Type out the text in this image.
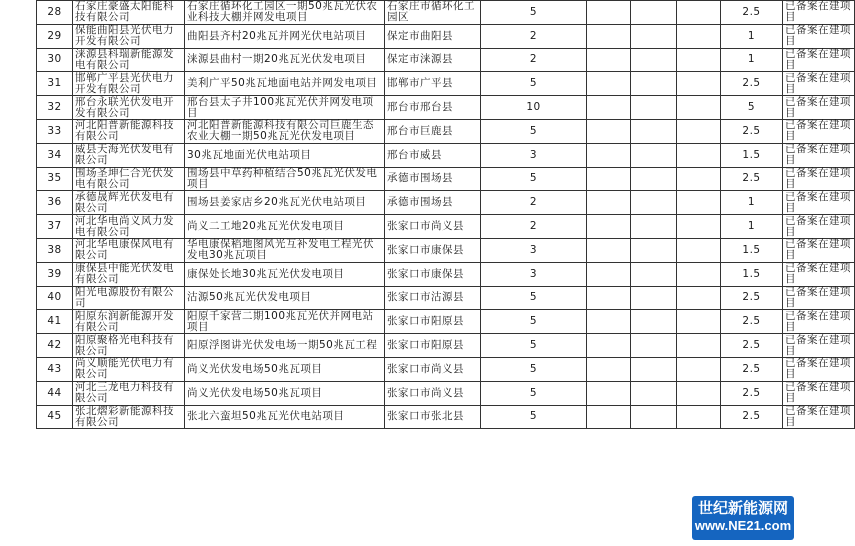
28	石家庄豪盛太阳能科技有限公司	石家庄循环化工园区一期50兆瓦光伏农业科技大棚并网发电项目	石家庄市循环化工园区	5				2.5	已备案在建项目
29	保能曲阳县光伏电力开发有限公司	曲阳县齐村20兆瓦并网光伏电站项目	保定市曲阳县	2				1	已备案在建项目
30	涞源县科瑞新能源发电有限公司	涞源县曲村一期20兆瓦光伏发电项目	保定市涞源县	2				1	已备案在建项目
31	邯郸广平县光伏电力开发有限公司	美利广平50兆瓦地面电站并网发电项目	邯郸市广平县	5				2.5	已备案在建项目
32	邢台永联光伏发电开发有限公司	邢台县太子井100兆瓦光伏并网发电项目	邢台市邢台县	10				5	已备案在建项目
33	河北阳普新能源科技有限公司	河北阳普新能源科技有限公司巨鹿生态农业大棚一期50兆瓦光伏发电项目	邢台市巨鹿县	5				2.5	已备案在建项目
34	威县天海光伏发电有限公司	30兆瓦地面光伏电站项目	邢台市威县	3				1.5	已备案在建项目
35	围场圣坤仁合光伏发电有限公司	围场县中草药种植结合50兆瓦光伏发电项目	承德市围场县	5				2.5	已备案在建项目
36	承德晟辉光伏发电有限公司	围场县姜家店乡20兆瓦光伏电站项目	承德市围场县	2				1	已备案在建项目
37	河北华电尚义风力发电有限公司	尚义二工地20兆瓦光伏发电项目	张家口市尚义县	2				1	已备案在建项目
38	河北华电康保风电有限公司	华电康保稻地图风光互补发电工程光伏发电30兆瓦项目	张家口市康保县	3				1.5	已备案在建项目
39	康保县中能光伏发电有限公司	康保处长地30兆瓦光伏发电项目	张家口市康保县	3				1.5	已备案在建项目
40	阳光电源股份有限公司	沽源50兆瓦光伏发电项目	张家口市沽源县	5				2.5	已备案在建项目
41	阳原东润新能源开发有限公司	阳原千家营二期100兆瓦光伏并网电站项目	张家口市阳原县	5				2.5	已备案在建项目
42	阳原聚格光电科技有限公司	阳原浮图讲光伏发电场一期50兆瓦工程	张家口市阳原县	5				2.5	已备案在建项目
43	尚义顺能光伏电力有限公司	尚义光伏发电场50兆瓦项目	张家口市尚义县	5				2.5	已备案在建项目
44	河北三龙电力科技有限公司	尚义光伏发电场50兆瓦项目	张家口市尚义县	5				2.5	已备案在建项目
45	张北熠彩新能源科技有限公司	张北六蛮坦50兆瓦光伏电站项目	张家口市张北县	5				2.5	已备案在建项目
世纪新能源网
www.NE21.com
